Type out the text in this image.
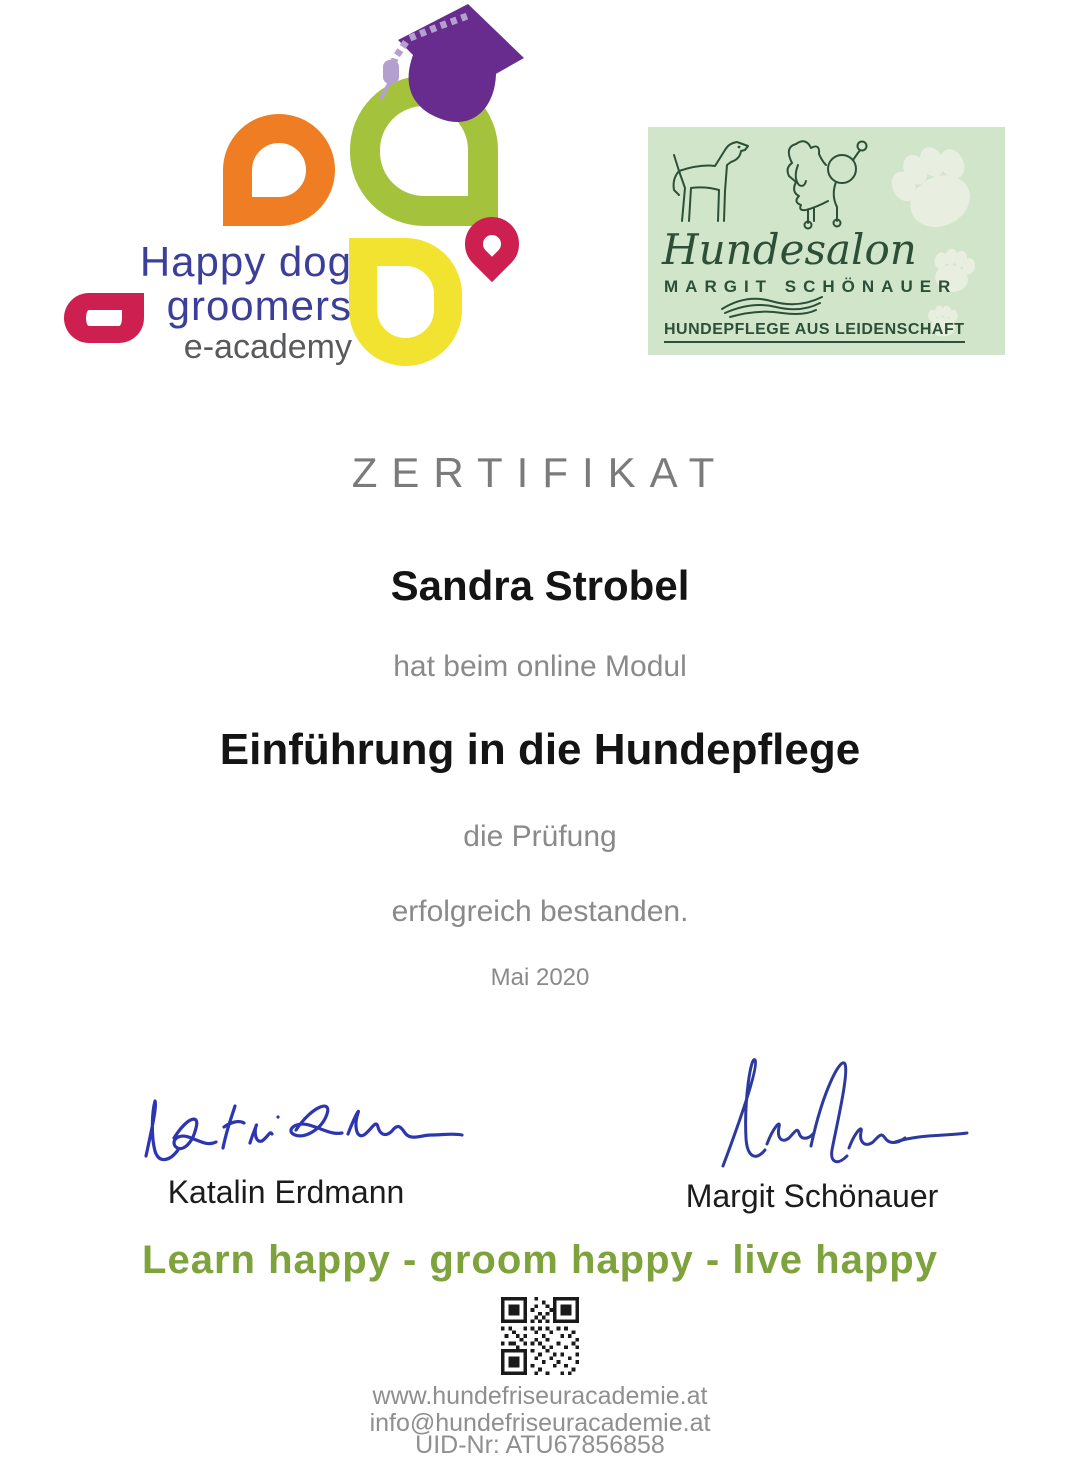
Happy dog
groomers
e-academy
Hundesalon
MARGIT SCHÖNAUER
HUNDEPFLEGE AUS LEIDENSCHAFT
ZERTIFIKAT
Sandra Strobel
hat beim online Modul
Einführung in die Hundepflege
die Prüfung
erfolgreich bestanden.
Mai 2020
Katalin Erdmann	Margit Schönauer
Learn happy - groom happy - live happy
www.hundefriseuracademie.at
info@hundefriseuracademie.at
UID-Nr: ATU67856858
